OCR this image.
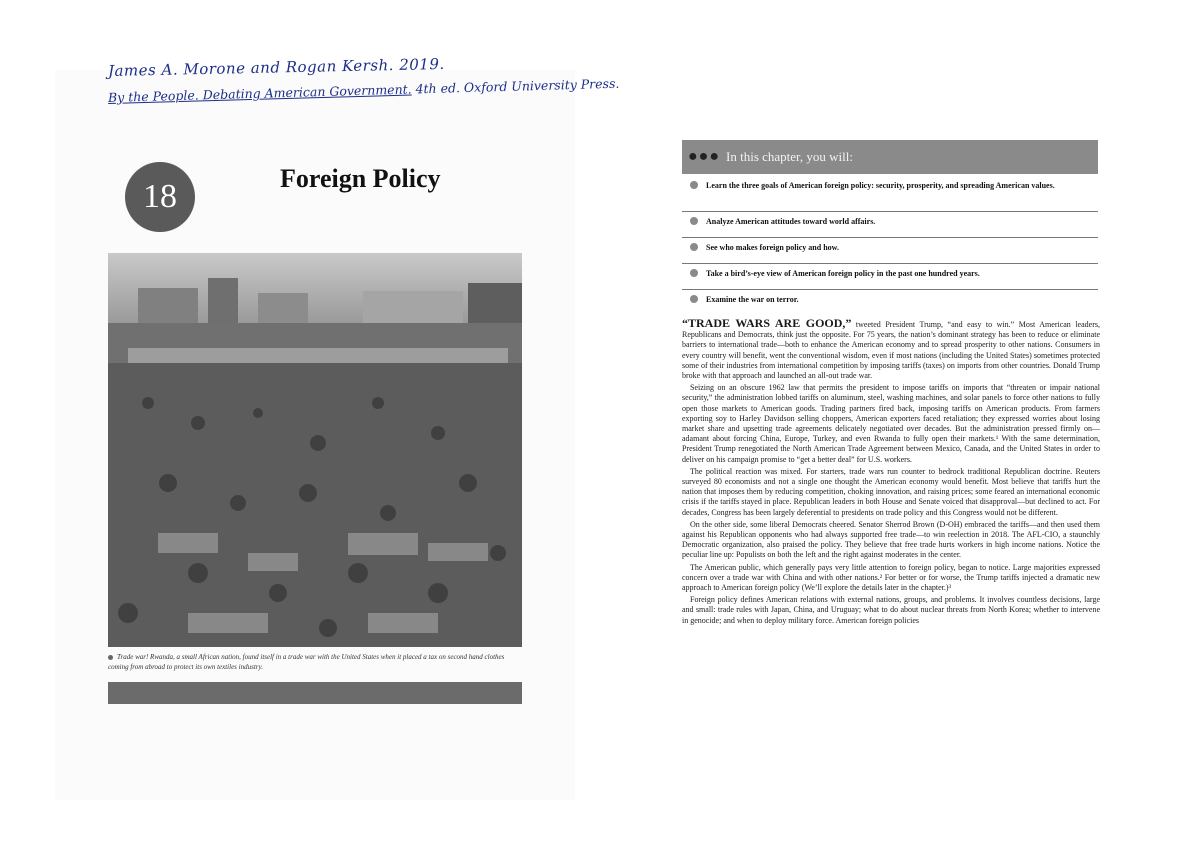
James A. Morone and Rogan Kersh. 2019.
By the People. Debating American Government. 4th ed. Oxford University Press.
18	Foreign Policy
Trade war! Rwanda, a small African nation, found itself in a trade war with the United States when it placed a tax on second hand clothes coming from abroad to protect its own textiles industry.
● ● ● In this chapter, you will:
Learn the three goals of American foreign policy: security, prosperity, and spreading American values.
Analyze American attitudes toward world affairs.
See who makes foreign policy and how.
Take a bird’s-eye view of American foreign policy in the past one hundred years.
Examine the war on terror.

“TRADE WARS ARE GOOD,” tweeted President Trump, “and easy to win.” Most American leaders, Republicans and Democrats, think just the opposite. For 75 years, the nation’s dominant strategy has been to reduce or eliminate barriers to international trade—both to enhance the American economy and to spread prosperity to other nations. Consumers in every country will benefit, went the conventional wisdom, even if most nations (including the United States) sometimes protected some of their industries from international competition by imposing tariffs (taxes) on imports from other countries. Donald Trump broke with that approach and launched an all-out trade war.

Seizing on an obscure 1962 law that permits the president to impose tariffs on imports that “threaten or impair national security,” the administration lobbed tariffs on aluminum, steel, washing machines, and solar panels to force other nations to fully open those markets to American goods. Trading partners fired back, imposing tariffs on American products. From farmers exporting soy to Harley Davidson selling choppers, American exporters faced retaliation; they expressed worries about losing market share and upsetting trade agreements delicately negotiated over decades. But the administration pressed firmly on—adamant about forcing China, Europe, Turkey, and even Rwanda to fully open their markets.¹ With the same determination, President Trump renegotiated the North American Trade Agreement between Mexico, Canada, and the United States in order to deliver on his campaign promise to “get a better deal” for U.S. workers.

The political reaction was mixed. For starters, trade wars run counter to bedrock traditional Republican doctrine. Reuters surveyed 80 economists and not a single one thought the American economy would benefit. Most believe that tariffs hurt the nation that imposes them by reducing competition, choking innovation, and raising prices; some feared an international economic crisis if the tariffs stayed in place. Republican leaders in both House and Senate voiced that disapproval—but declined to act. For decades, Congress has been largely deferential to presidents on trade policy and this Congress would not be different.

On the other side, some liberal Democrats cheered. Senator Sherrod Brown (D-OH) embraced the tariffs—and then used them against his Republican opponents who had always supported free trade—to win reelection in 2018. The AFL-CIO, a staunchly Democratic organization, also praised the policy. They believe that free trade hurts workers in high income nations. Notice the peculiar line up: Populists on both the left and the right against moderates in the center.

The American public, which generally pays very little attention to foreign policy, began to notice. Large majorities expressed concern over a trade war with China and with other nations.² For better or for worse, the Trump tariffs injected a dramatic new approach to American foreign policy (We’ll explore the details later in the chapter.)³

Foreign policy defines American relations with external nations, groups, and problems. It involves countless decisions, large and small: trade rules with Japan, China, and Uruguay; what to do about nuclear threats from North Korea; whether to intervene in genocide; and when to deploy military force. American foreign policies
